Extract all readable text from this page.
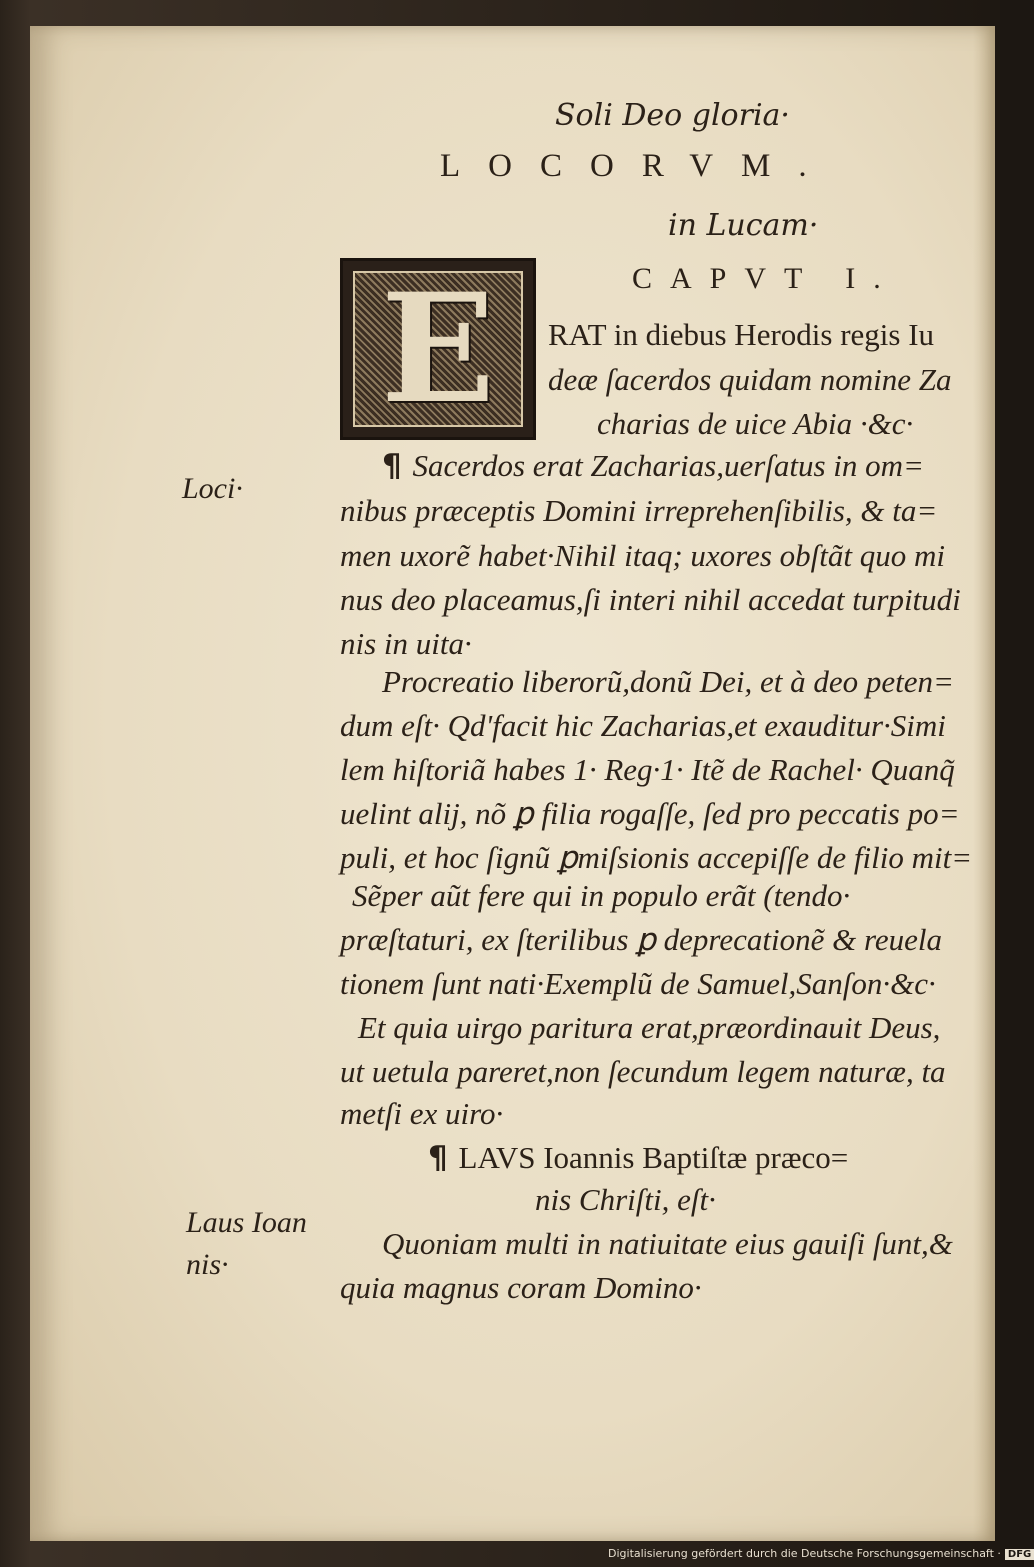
Soli Deo gloria·
LOCORVM.
in Lucam·
CAPVT I.
E	RAT in diebus Herodis regis Iu
deæ ſacerdos quidam nomine Za
charias de uice Abia ·&c·
¶ Sacerdos erat Zacharias,uerſatus in om=
nibus præceptis Domini irreprehenſibilis, & ta=
men uxorẽ habet·Nihil itaq; uxores obſtãt quo mi
nus deo placeamus,ſi interi nihil accedat turpitudi
nis in uita·
Procreatio liberorũ,donũ Dei, et à deo peten=
dum eſt· Qd'facit hic Zacharias,et exauditur·Simi
lem hiſtoriã habes 1· Reg·1· Itẽ de Rachel· Quanq̃
uelint alij, nõ ꝑ filia rogaſſe, ſed pro peccatis po=
puli, et hoc ſignũ ꝑmiſsionis accepiſſe de filio mit=
Sẽper aũt fere qui in populo erãt (tendo·
præſtaturi, ex ſterilibus ꝑ deprecationẽ & reuela
tionem ſunt nati·Exemplũ de Samuel,Sanſon·&c·
Et quia uirgo paritura erat,præordinauit Deus,
ut uetula pareret,non ſecundum legem naturæ, ta
metſi ex uiro·
¶ LAVS Ioannis Baptiſtæ præco=
nis Chriſti, eſt·
Quoniam multi in natiuitate eius gauiſi ſunt,&
quia magnus coram Domino·
Loci·
Laus Ioan
nis·
Digitalisierung gefördert durch die Deutsche Forschungsgemeinschaft · DFG
